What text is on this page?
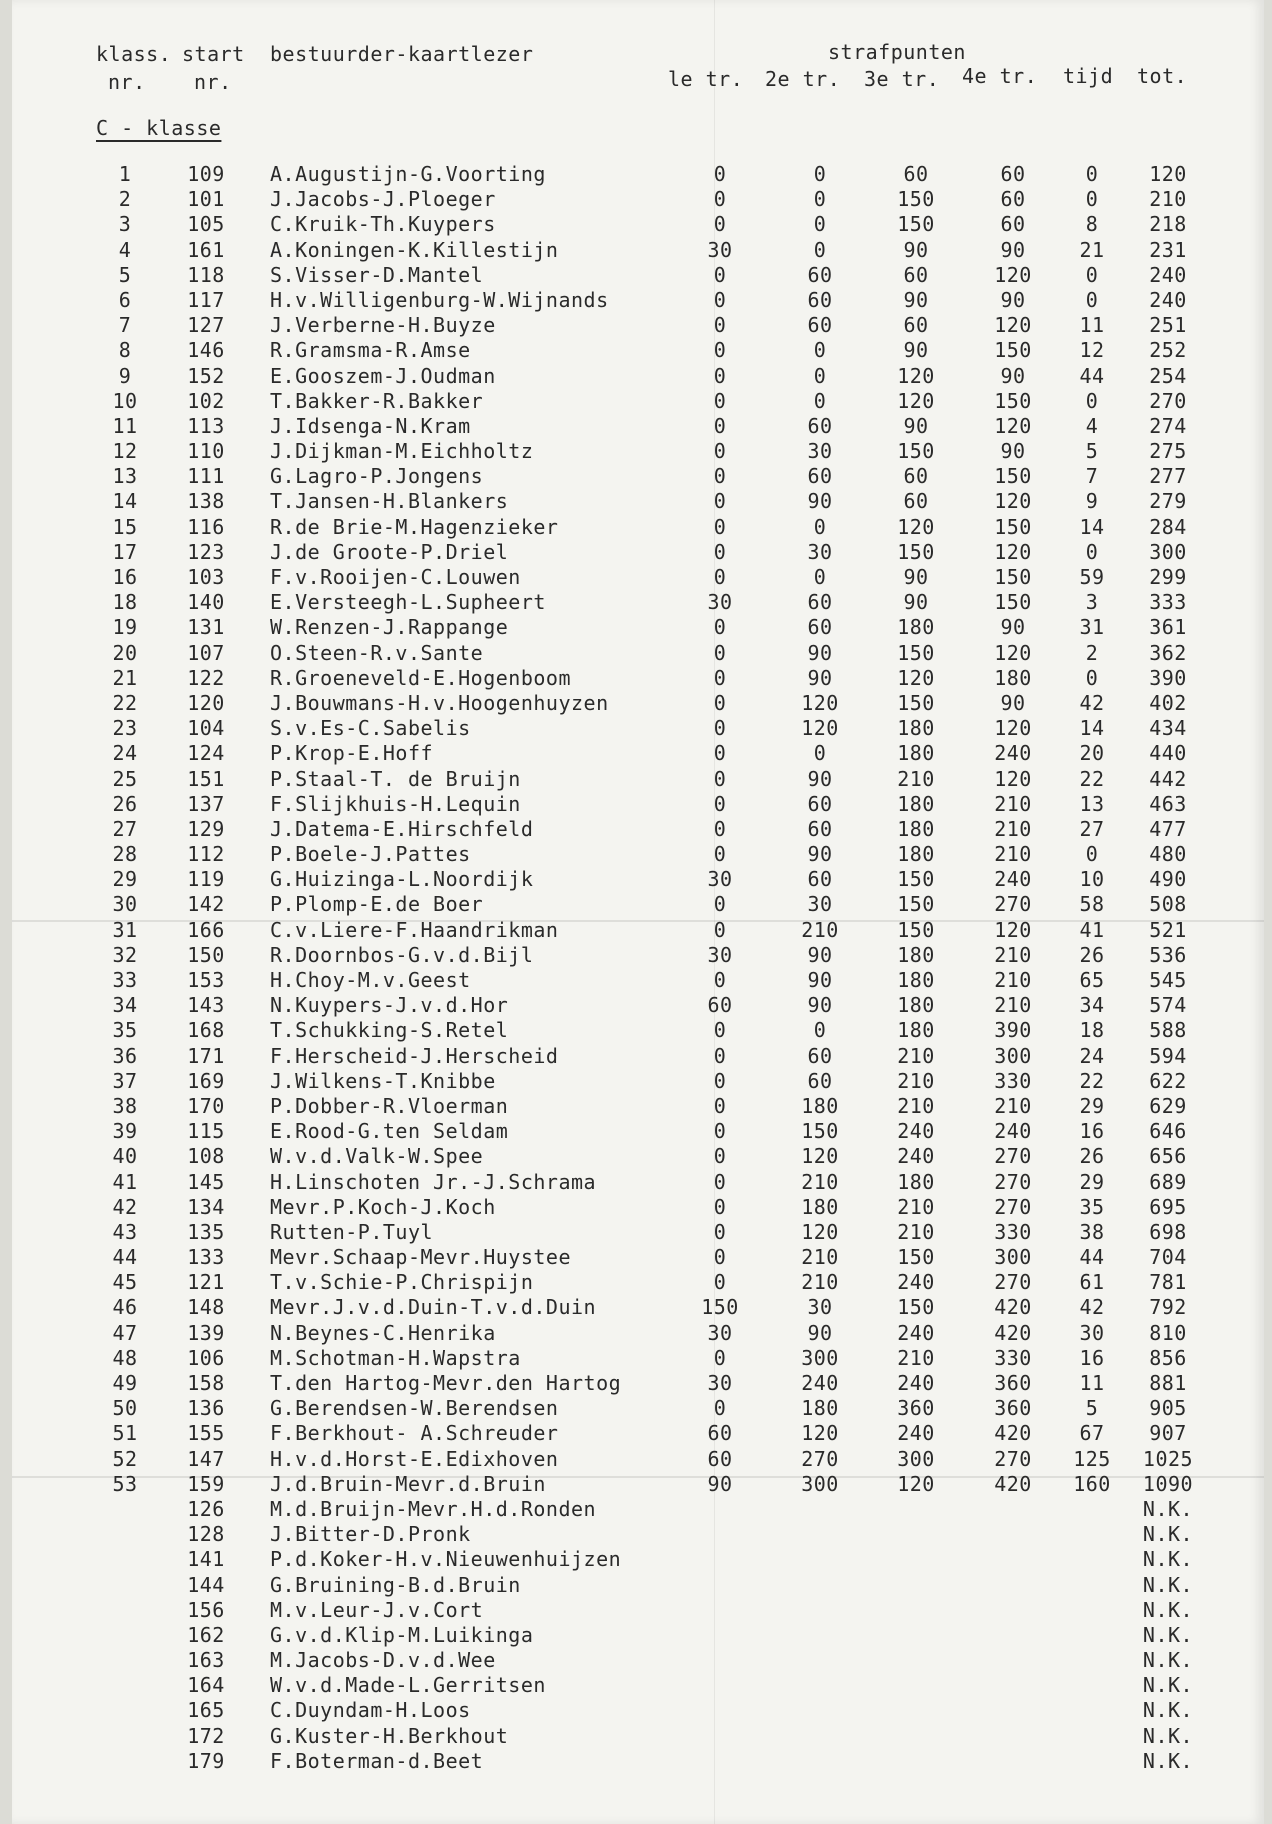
klass.
nr.
start
nr.
bestuurder-kaartlezer	strafpunten
le tr. 2e tr. 3e tr. 4e tr. tijd tot.
C - klasse
1	109 A.Augustijn-G.Voorting	0	0	60	60	0	120
2	101 J.Jacobs-J.Ploeger	0	0	150	60	0	210
3	105 C.Kruik-Th.Kuypers	0	0	150	60	8	218
4	161 A.Koningen-K.Killestijn	30	0	90	90	21	231
5	118 S.Visser-D.Mantel	0	60	60	120	0	240
6	117 H.v.Willigenburg-W.Wijnands	0	60	90	90	0	240
7	127 J.Verberne-H.Buyze	0	60	60	120	11	251
8	146 R.Gramsma-R.Amse	0	0	90	150	12	252
9	152 E.Gooszem-J.Oudman	0	0	120	90	44	254
10 102 T.Bakker-R.Bakker	0	0	120	150	0	270
11 113 J.Idsenga-N.Kram	0	60	90	120	4	274
12 110 J.Dijkman-M.Eichholtz	0	30	150	90	5	275
13 111 G.Lagro-P.Jongens	0	60	60	150	7	277
14 138 T.Jansen-H.Blankers	0	90	60	120	9	279
15 116 R.de Brie-M.Hagenzieker	0	0	120	150	14	284
17 123 J.de Groote-P.Driel	0	30	150	120	0	300
16 103 F.v.Rooijen-C.Louwen	0	0	90	150	59	299
18 140 E.Versteegh-L.Supheert	30	60	90	150	3	333
19 131 W.Renzen-J.Rappange	0	60	180	90	31	361
20 107 O.Steen-R.v.Sante	0	90	150	120	2	362
21 122 R.Groeneveld-E.Hogenboom	0	90	120	180	0	390
22 120 J.Bouwmans-H.v.Hoogenhuyzen	0	120	150	90	42	402
23 104 S.v.Es-C.Sabelis	0	120	180	120	14	434
24 124 P.Krop-E.Hoff	0	0	180	240	20	440
25 151 P.Staal-T. de Bruijn	0	90	210	120	22	442
26 137 F.Slijkhuis-H.Lequin	0	60	180	210	13	463
27 129 J.Datema-E.Hirschfeld	0	60	180	210	27	477
28 112 P.Boele-J.Pattes	0	90	180	210	0	480
29 119 G.Huizinga-L.Noordijk	30	60	150	240	10	490
30 142 P.Plomp-E.de Boer	0	30	150	270	58	508
31 166 C.v.Liere-F.Haandrikman	0	210	150	120	41	521
32 150 R.Doornbos-G.v.d.Bijl	30	90	180	210	26	536
33 153 H.Choy-M.v.Geest	0	90	180	210	65	545
34 143 N.Kuypers-J.v.d.Hor	60	90	180	210	34	574
35 168 T.Schukking-S.Retel	0	0	180	390	18	588
36 171 F.Herscheid-J.Herscheid	0	60	210	300	24	594
37 169 J.Wilkens-T.Knibbe	0	60	210	330	22	622
38 170 P.Dobber-R.Vloerman	0	180	210	210	29	629
39 115 E.Rood-G.ten Seldam	0	150	240	240	16	646
40 108 W.v.d.Valk-W.Spee	0	120	240	270	26	656
41 145 H.Linschoten Jr.-J.Schrama	0	210	180	270	29	689
42 134 Mevr.P.Koch-J.Koch	0	180	210	270	35	695
43 135 Rutten-P.Tuyl	0	120	210	330	38	698
44 133 Mevr.Schaap-Mevr.Huystee	0	210	150	300	44	704
45 121 T.v.Schie-P.Chrispijn	0	210	240	270	61	781
46 148 Mevr.J.v.d.Duin-T.v.d.Duin	150	30	150	420	42	792
47 139 N.Beynes-C.Henrika	30	90	240	420	30	810
48 106 M.Schotman-H.Wapstra	0	300	210	330	16	856
49 158 T.den Hartog-Mevr.den Hartog	30	240	240	360	11	881
50 136 G.Berendsen-W.Berendsen	0	180	360	360	5	905
51 155 F.Berkhout- A.Schreuder	60	120	240	420	67	907
52 147 H.v.d.Horst-E.Edixhoven	60	270	300	270	125	1025
53 159 J.d.Bruin-Mevr.d.Bruin	90	300	120	420	160	1090
126 M.d.Bruijn-Mevr.H.d.Ronden	N.K.
128 J.Bitter-D.Pronk	N.K.
141 P.d.Koker-H.v.Nieuwenhuijzen	N.K.
144 G.Bruining-B.d.Bruin	N.K.
156 M.v.Leur-J.v.Cort	N.K.
162 G.v.d.Klip-M.Luikinga	N.K.
163 M.Jacobs-D.v.d.Wee	N.K.
164 W.v.d.Made-L.Gerritsen	N.K.
165 C.Duyndam-H.Loos	N.K.
172 G.Kuster-H.Berkhout	N.K.
179 F.Boterman-d.Beet	N.K.
